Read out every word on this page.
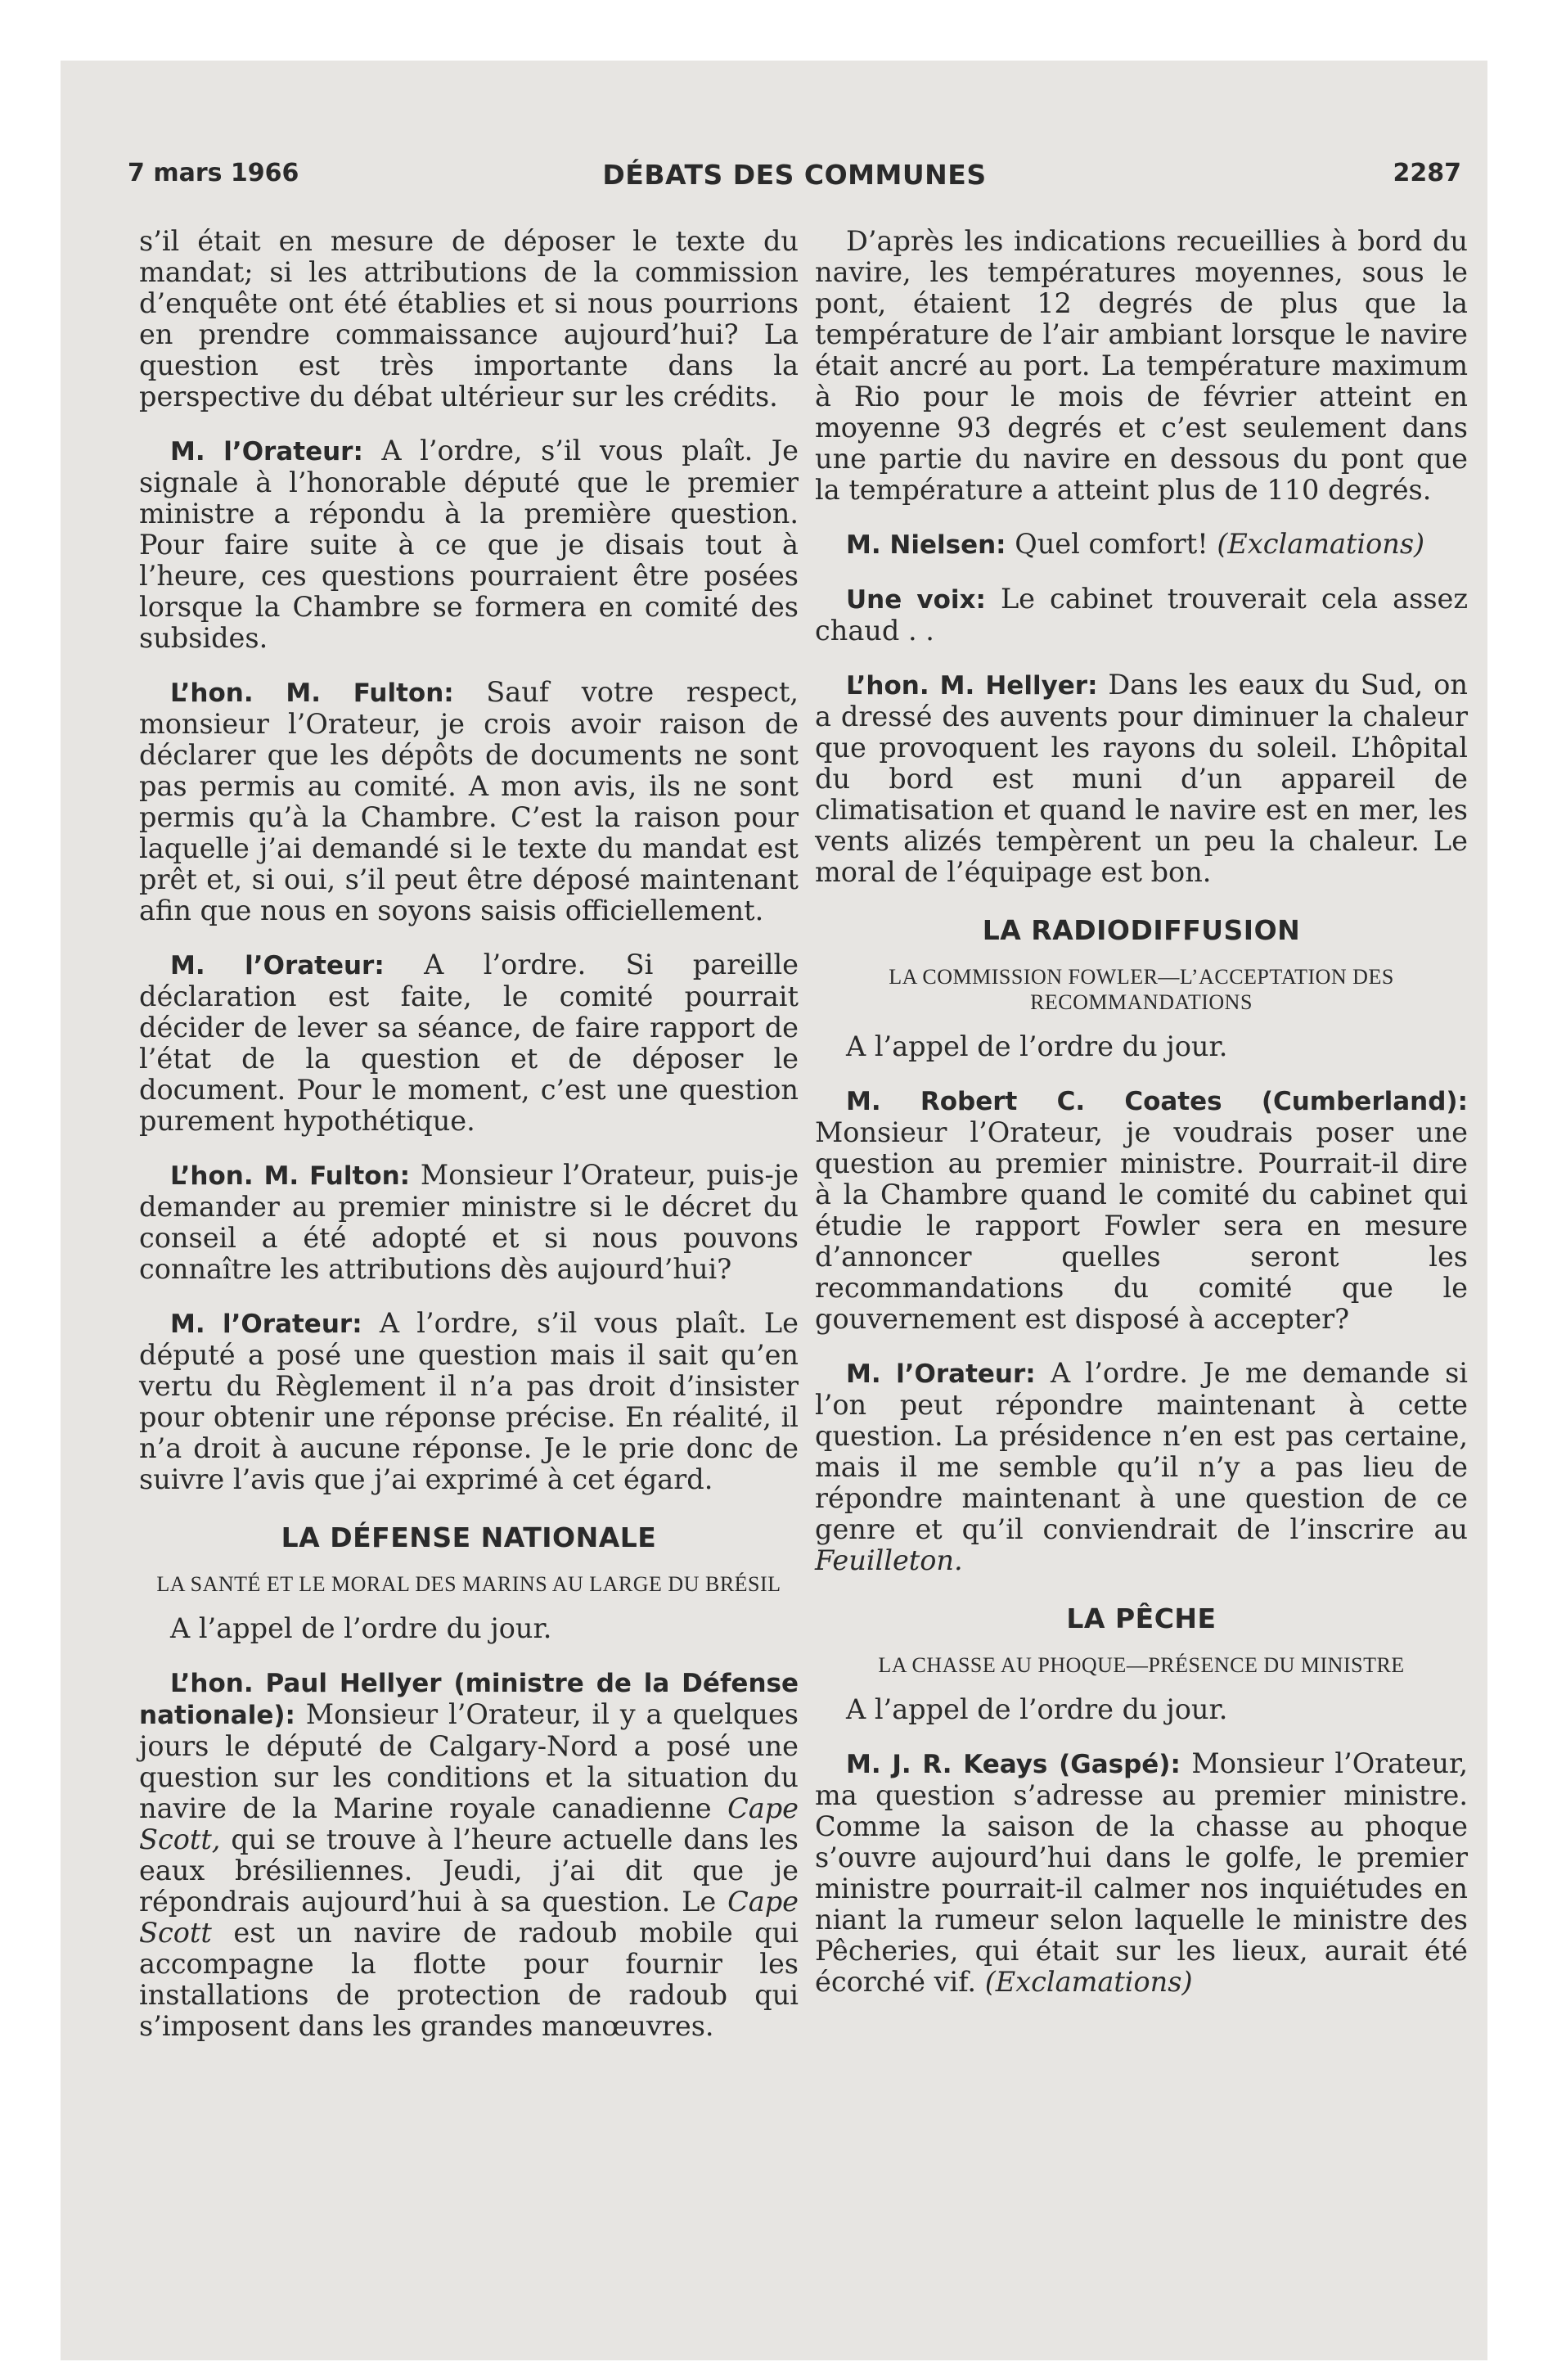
7 mars 1966	DÉBATS DES COMMUNES	2287

s’il était en mesure de déposer le texte du mandat; si les attributions de la commission d’enquête ont été établies et si nous pourrions en prendre commaissance aujourd’hui? La question est très importante dans la perspective du débat ultérieur sur les crédits.

M. l’Orateur: A l’ordre, s’il vous plaît. Je signale à l’honorable député que le premier ministre a répondu à la première question. Pour faire suite à ce que je disais tout à l’heure, ces questions pourraient être posées lorsque la Chambre se formera en comité des subsides.

L’hon. M. Fulton: Sauf votre respect, monsieur l’Orateur, je crois avoir raison de déclarer que les dépôts de documents ne sont pas permis au comité. A mon avis, ils ne sont permis qu’à la Chambre. C’est la raison pour laquelle j’ai demandé si le texte du mandat est prêt et, si oui, s’il peut être déposé maintenant afin que nous en soyons saisis officiellement.

M. l’Orateur: A l’ordre. Si pareille déclaration est faite, le comité pourrait décider de lever sa séance, de faire rapport de l’état de la question et de déposer le document. Pour le moment, c’est une question purement hypothétique.

L’hon. M. Fulton: Monsieur l’Orateur, puis-je demander au premier ministre si le décret du conseil a été adopté et si nous pouvons connaître les attributions dès aujourd’hui?

M. l’Orateur: A l’ordre, s’il vous plaît. Le député a posé une question mais il sait qu’en vertu du Règlement il n’a pas droit d’insister pour obtenir une réponse précise. En réalité, il n’a droit à aucune réponse. Je le prie donc de suivre l’avis que j’ai exprimé à cet égard.

LA DÉFENSE NATIONALE
LA SANTÉ ET LE MORAL DES MARINS AU LARGE DU BRÉSIL

A l’appel de l’ordre du jour.

L’hon. Paul Hellyer (ministre de la Défense nationale): Monsieur l’Orateur, il y a quelques jours le député de Calgary-Nord a posé une question sur les conditions et la situation du navire de la Marine royale canadienne Cape Scott, qui se trouve à l’heure actuelle dans les eaux brésiliennes. Jeudi, j’ai dit que je répondrais aujourd’hui à sa question. Le Cape Scott est un navire de radoub mobile qui accompagne la flotte pour fournir les installations de protection de radoub qui s’imposent dans les grandes manœuvres.

D’après les indications recueillies à bord du navire, les températures moyennes, sous le pont, étaient 12 degrés de plus que la température de l’air ambiant lorsque le navire était ancré au port. La température maximum à Rio pour le mois de février atteint en moyenne 93 degrés et c’est seulement dans une partie du navire en dessous du pont que la température a atteint plus de 110 degrés.

M. Nielsen: Quel comfort! (Exclamations)

Une voix: Le cabinet trouverait cela assez chaud . .

L’hon. M. Hellyer: Dans les eaux du Sud, on a dressé des auvents pour diminuer la chaleur que provoquent les rayons du soleil. L’hôpital du bord est muni d’un appareil de climatisation et quand le navire est en mer, les vents alizés tempèrent un peu la chaleur. Le moral de l’équipage est bon.

LA RADIODIFFUSION
LA COMMISSION FOWLER—L’ACCEPTATION DES RECOMMANDATIONS

A l’appel de l’ordre du jour.

M. Robert C. Coates (Cumberland): Monsieur l’Orateur, je voudrais poser une question au premier ministre. Pourrait-il dire à la Chambre quand le comité du cabinet qui étudie le rapport Fowler sera en mesure d’annoncer quelles seront les recommandations du comité que le gouvernement est disposé à accepter?

M. l’Orateur: A l’ordre. Je me demande si l’on peut répondre maintenant à cette question. La présidence n’en est pas certaine, mais il me semble qu’il n’y a pas lieu de répondre maintenant à une question de ce genre et qu’il conviendrait de l’inscrire au Feuilleton.

LA PÊCHE
LA CHASSE AU PHOQUE—PRÉSENCE DU MINISTRE

A l’appel de l’ordre du jour.

M. J. R. Keays (Gaspé): Monsieur l’Orateur, ma question s’adresse au premier ministre. Comme la saison de la chasse au phoque s’ouvre aujourd’hui dans le golfe, le premier ministre pourrait-il calmer nos inquiétudes en niant la rumeur selon laquelle le ministre des Pêcheries, qui était sur les lieux, aurait été écorché vif. (Exclamations)
